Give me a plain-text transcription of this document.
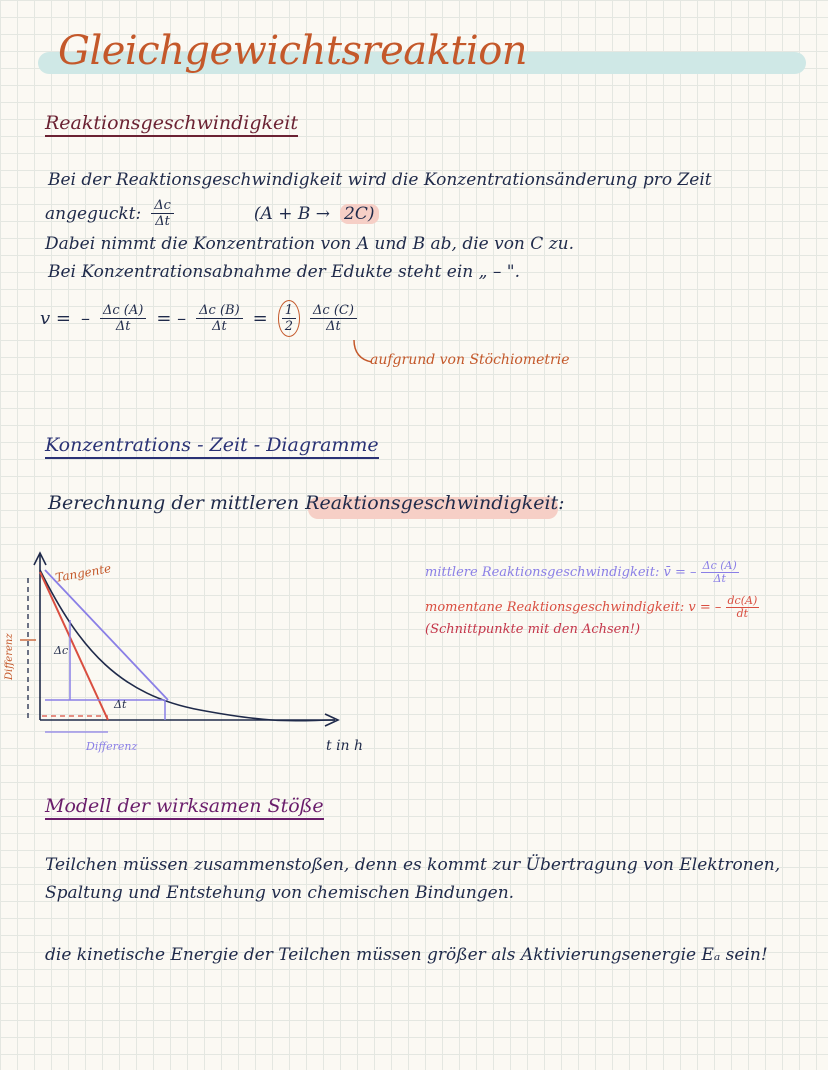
Gleichgewichtsreaktion
Reaktionsgeschwindigkeit
Bei der Reaktionsgeschwindigkeit wird die Konzentrationsänderung pro Zeit
angeguckt: $\frac{\Delta c}{\Delta t}$	(A + B → 2C)
Dabei nimmt die Konzentration von A und B ab, die von C zu.
Bei Konzentrationsabnahme der Edukte steht ein „ – ".
v = – $\frac{\Delta c (A)}{\Delta t}$ = – $\frac{\Delta c (B)}{\Delta t} = \frac{1}{2} \frac{\Delta c (C)}{\Delta t}$
aufgrund von Stöchiometrie
Konzentrations - Zeit - Diagramme
Berechnung der mittleren Reaktionsgeschwindigkeit:
t in h
Tangente
Δc
Δt
Differenz
Differenz
mittlere Reaktionsgeschwindigkeit: v̄ = – $\frac{\Delta c (A)}{\Delta t}$
momentane Reaktionsgeschwindigkeit: v = – $\frac{dc(A)}{dt}$
(Schnittpunkte mit den Achsen!)
Modell der wirksamen Stöße
Teilchen müssen zusammenstoßen, denn es kommt zur Übertragung von Elektronen,
Spaltung und Entstehung von chemischen Bindungen.
die kinetische Energie der Teilchen müssen größer als Aktivierungsenergie Eₐ sein!
